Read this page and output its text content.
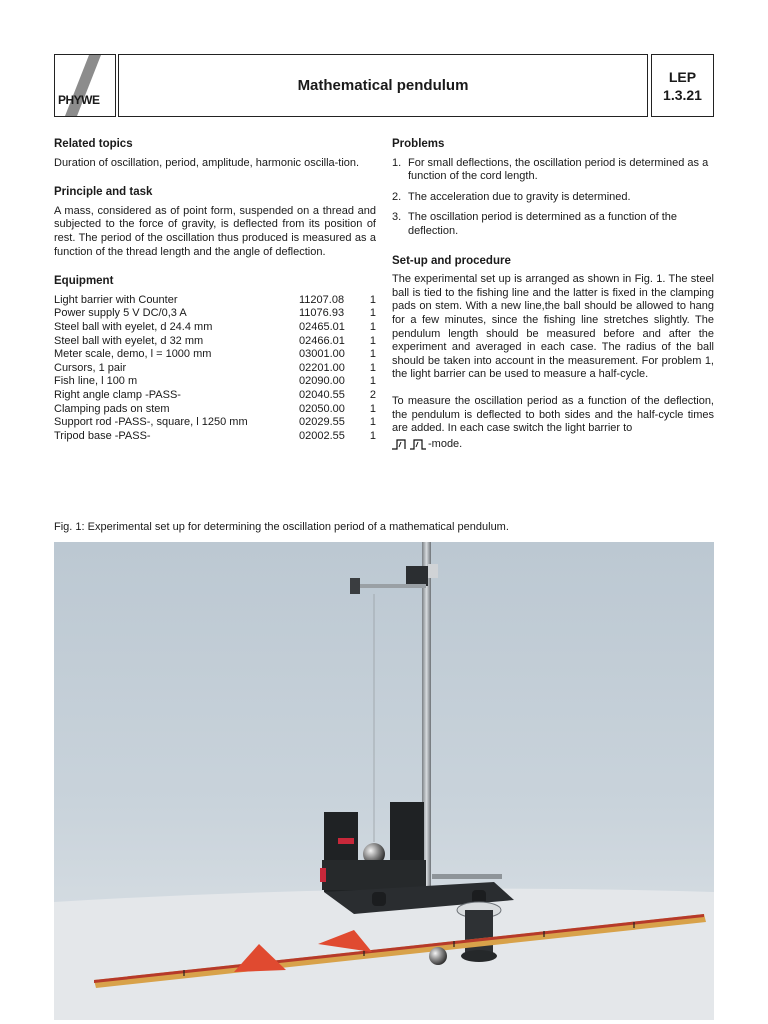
PHYWE
Mathematical pendulum
LEP
1.3.21
Related topics

Duration of oscillation, period, amplitude, harmonic oscilla-tion.

Principle and task

A mass, considered as of point form, suspended on a thread and subjected to the force of gravity, is deflected from its position of rest. The period of the oscillation thus produced is measured as a function of the thread length and the angle of deflection.

Equipment
Light barrier with Counter	11207.08	1
Power supply 5 V DC/0,3 A	11076.93	1
Steel ball with eyelet, d 24.4 mm	02465.01	1
Steel ball with eyelet, d 32 mm	02466.01	1
Meter scale, demo, l = 1000 mm	03001.00	1
Cursors, 1 pair	02201.00	1
Fish line, l 100 m	02090.00	1
Right angle clamp -PASS-	02040.55	2
Clamping pads on stem	02050.00	1
Support rod -PASS-, square, l 1250 mm	02029.55	1
Tripod base -PASS-	02002.55	1
Problems
1. For small deflections, the oscillation period is determined as a function of the cord length.
2. The acceleration due to gravity is determined.
3. The oscillation period is determined as a function of the deflection.
Set-up and procedure

The experimental set up is arranged as shown in Fig. 1. The steel ball is tied to the fishing line and the latter is fixed in the clamping pads on stem. With a new line,the ball should be allowed to hang for a few minutes, since the fishing line stretches slightly. The pendulum length should be measured before and after the experiment and averaged in each case. The radius of the ball should be taken into account in the measurement. For problem 1, the light barrier can be used to measure a half-cycle.

To measure the oscillation period as a function of the deflection, the pendulum is deflected to both sides and the half-cycle times are added. In each case switch the light barrier to

-mode.
Fig. 1: Experimental set up for determining the oscillation period of a mathematical pendulum.
